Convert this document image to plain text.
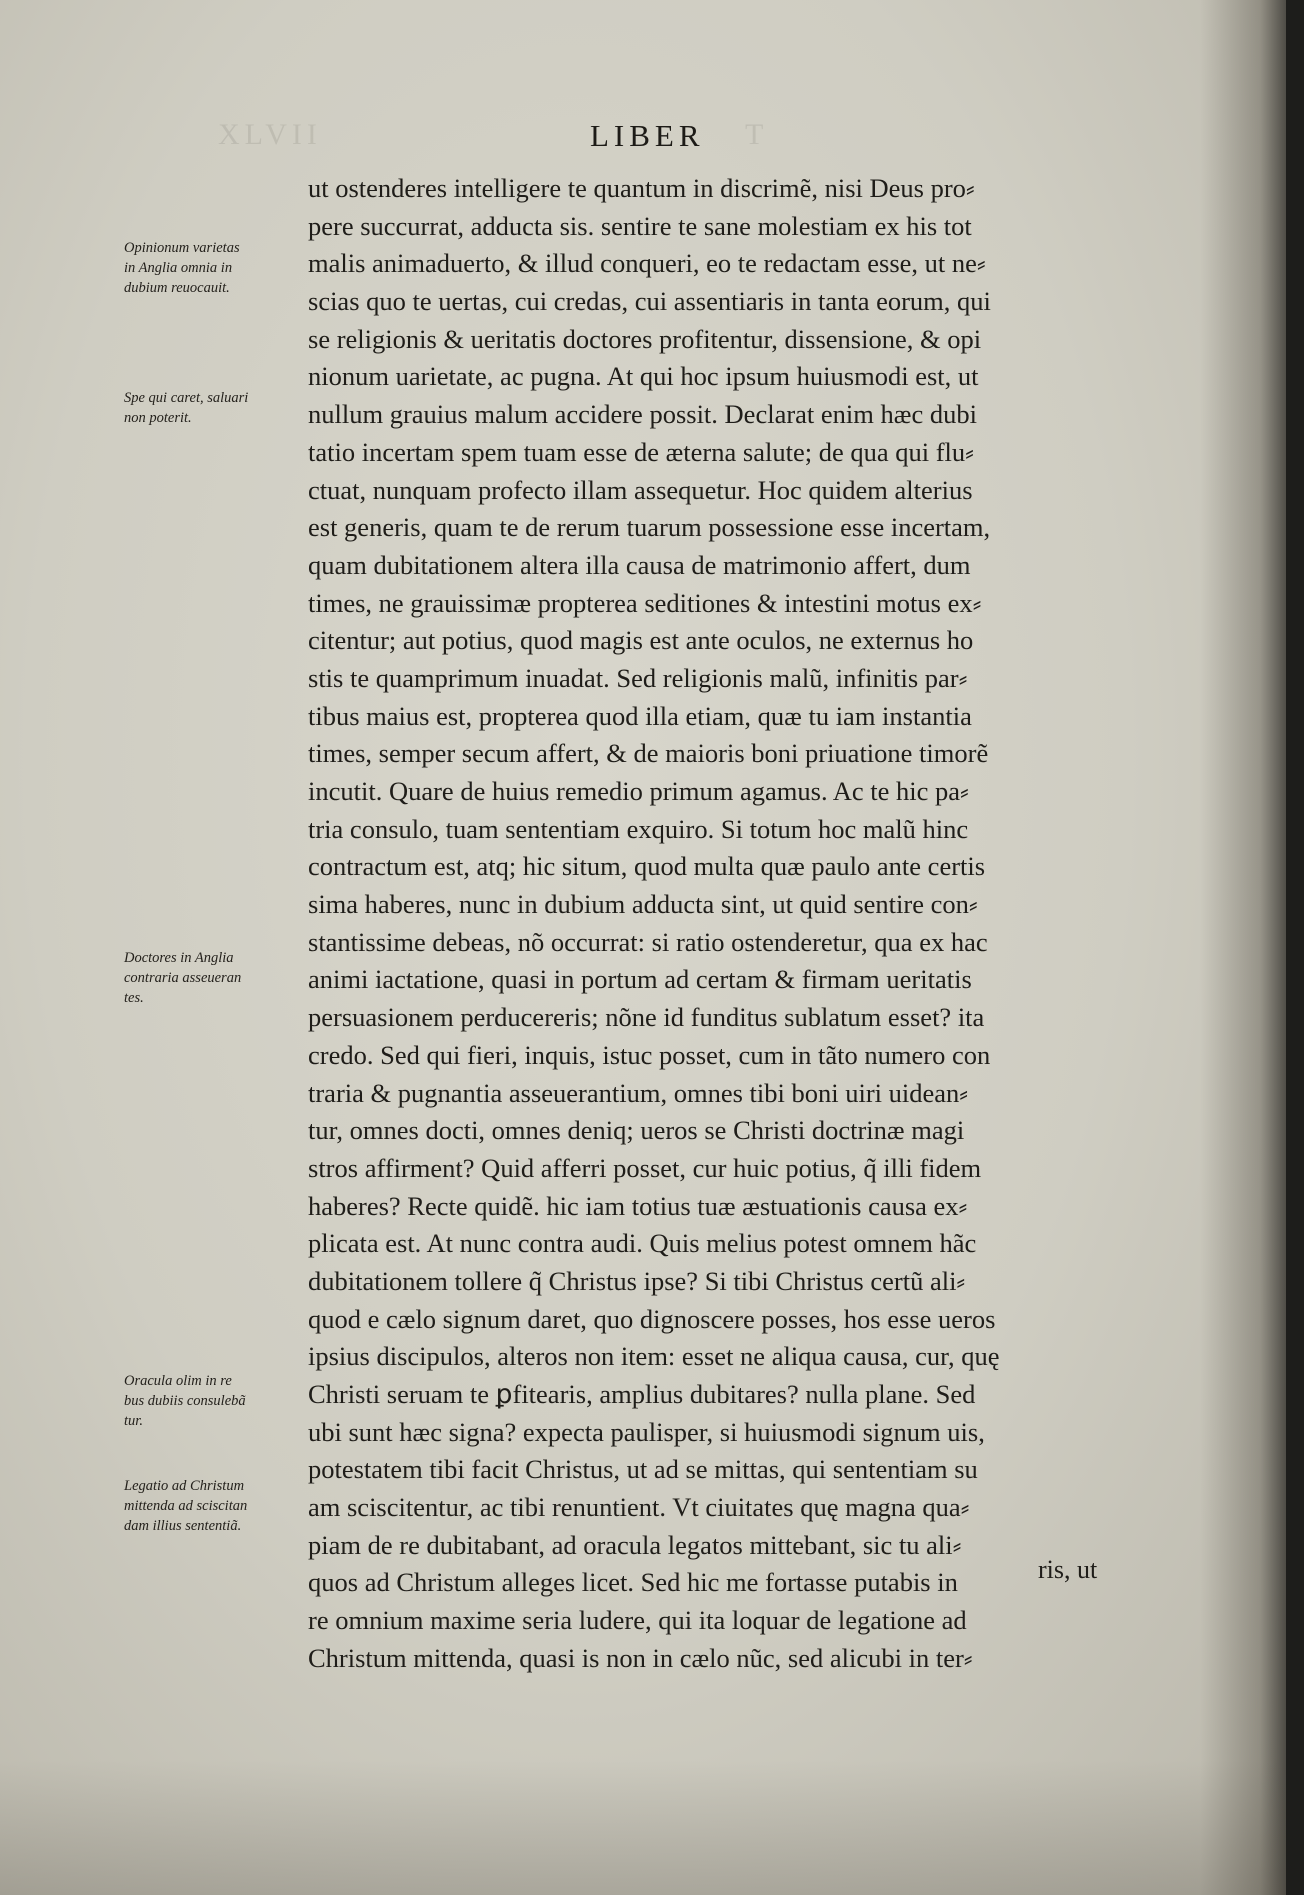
XLVII	T
LIBER
Opinionum varietas
in Anglia omnia in
dubium reuocauit.
Spe qui caret, saluari
non poterit.
Doctores in Anglia
contraria asseueran
tes.
Oracula olim in re
bus dubiis consulebã
tur.
Legatio ad Christum
mittenda ad sciscitan
dam illius sententiã.
ut ostenderes intelligere te quantum in discrimẽ, nisi Deus pro⸗
pere succurrat, adducta sis. sentire te sane molestiam ex his tot
malis animaduerto, & illud conqueri, eo te redactam esse, ut ne⸗
scias quo te uertas, cui credas, cui assentiaris in tanta eorum, qui
se religionis & ueritatis doctores profitentur, dissensione, & opi
nionum uarietate, ac pugna. At qui hoc ipsum huiusmodi est, ut
nullum grauius malum accidere possit. Declarat enim hæc dubi
tatio incertam spem tuam esse de æterna salute; de qua qui flu⸗
ctuat, nunquam profecto illam assequetur. Hoc quidem alterius
est generis, quam te de rerum tuarum possessione esse incertam,
quam dubitationem altera illa causa de matrimonio affert, dum
times, ne grauissimæ propterea seditiones & intestini motus ex⸗
citentur; aut potius, quod magis est ante oculos, ne externus ho
stis te quamprimum inuadat. Sed religionis malũ, infinitis par⸗
tibus maius est, propterea quod illa etiam, quæ tu iam instantia
times, semper secum affert, & de maioris boni priuatione timorẽ
incutit. Quare de huius remedio primum agamus. Ac te hic pa⸗
tria consulo, tuam sententiam exquiro. Si totum hoc malũ hinc
contractum est, atq; hic situm, quod multa quæ paulo ante certis
sima haberes, nunc in dubium adducta sint, ut quid sentire con⸗
stantissime debeas, nõ occurrat: si ratio ostenderetur, qua ex hac
animi iactatione, quasi in portum ad certam & firmam ueritatis
persuasionem perducereris; nõne id funditus sublatum esset? ita
credo. Sed qui fieri, inquis, istuc posset, cum in tãto numero con
traria & pugnantia asseuerantium, omnes tibi boni uiri uidean⸗
tur, omnes docti, omnes deniq; ueros se Christi doctrinæ magi
stros affirment? Quid afferri posset, cur huic potius, q̃ illi fidem
haberes? Recte quidẽ. hic iam totius tuæ æstuationis causa ex⸗
plicata est. At nunc contra audi. Quis melius potest omnem hãc
dubitationem tollere q̃ Christus ipse? Si tibi Christus certũ ali⸗
quod e cælo signum daret, quo dignoscere posses, hos esse ueros
ipsius discipulos, alteros non item: esset ne aliqua causa, cur, quę
Christi seruam te ꝑfitearis, amplius dubitares? nulla plane. Sed
ubi sunt hæc signa? expecta paulisper, si huiusmodi signum uis,
potestatem tibi facit Christus, ut ad se mittas, qui sententiam su
am sciscitentur, ac tibi renuntient. Vt ciuitates quę magna qua⸗
piam de re dubitabant, ad oracula legatos mittebant, sic tu ali⸗
quos ad Christum alleges licet. Sed hic me fortasse putabis in
re omnium maxime seria ludere, qui ita loquar de legatione ad
Christum mittenda, quasi is non in cælo nũc, sed alicubi in ter⸗
ris, ut
